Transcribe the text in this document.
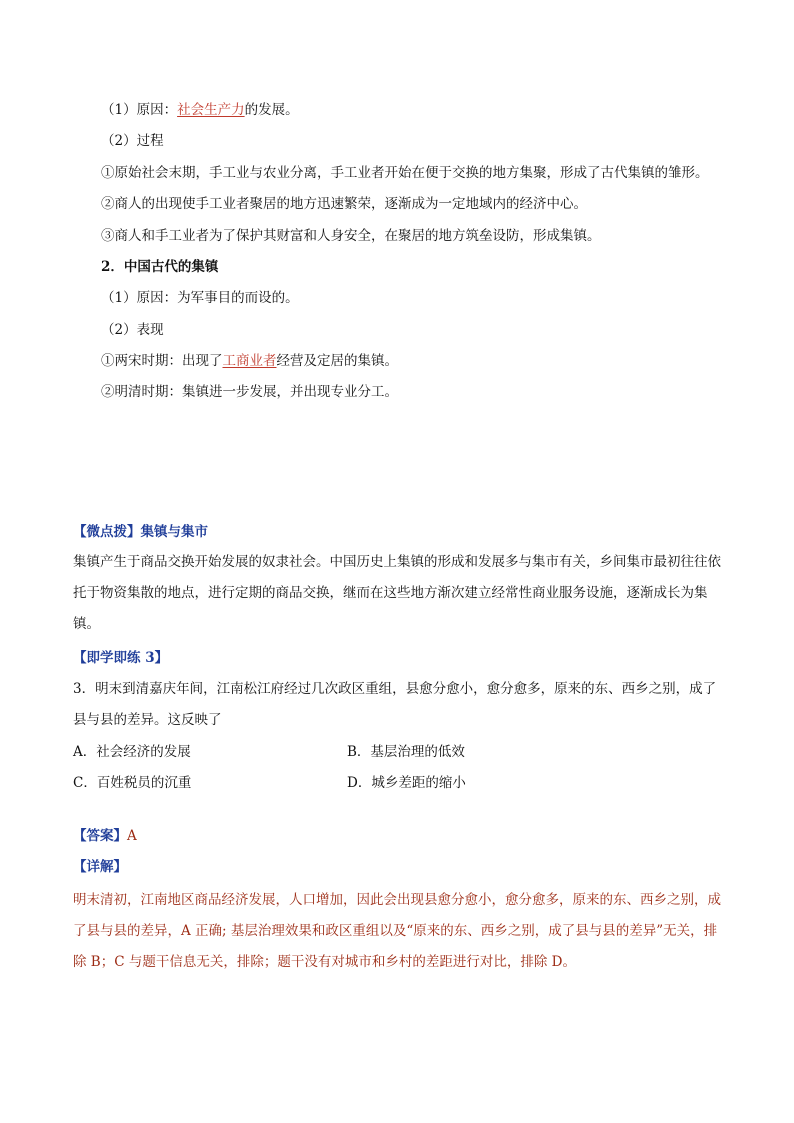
（1）原因：社会生产力的发展。
（2）过程
①原始社会末期，手工业与农业分离，手工业者开始在便于交换的地方集聚，形成了古代集镇的雏形。
②商人的出现使手工业者聚居的地方迅速繁荣，逐渐成为一定地域内的经济中心。
③商人和手工业者为了保护其财富和人身安全，在聚居的地方筑垒设防，形成集镇。
2．中国古代的集镇
（1）原因：为军事目的而设的。
（2）表现
①两宋时期：出现了工商业者经营及定居的集镇。
②明清时期：集镇进一步发展，并出现专业分工。
【微点拨】集镇与集市
集镇产生于商品交换开始发展的奴隶社会。中国历史上集镇的形成和发展多与集市有关，乡间集市最初往往依托于物资集散的地点，进行定期的商品交换，继而在这些地方渐次建立经常性商业服务设施，逐渐成长为集镇。
【即学即练 3】
3．明末到清嘉庆年间，江南松江府经过几次政区重组，县愈分愈小，愈分愈多，原来的东、西乡之别，成了县与县的差异。这反映了
A．社会经济的发展	B．基层治理的低效
C．百姓税员的沉重	D．城乡差距的缩小
【答案】A
【详解】
明末清初，江南地区商品经济发展，人口增加，因此会出现县愈分愈小，愈分愈多，原来的东、西乡之别，成了县与县的差异，A 正确; 基层治理效果和政区重组以及“原来的东、西乡之别，成了县与县的差异”无关，排除 B；C 与题干信息无关，排除；题干没有对城市和乡村的差距进行对比，排除 D。
